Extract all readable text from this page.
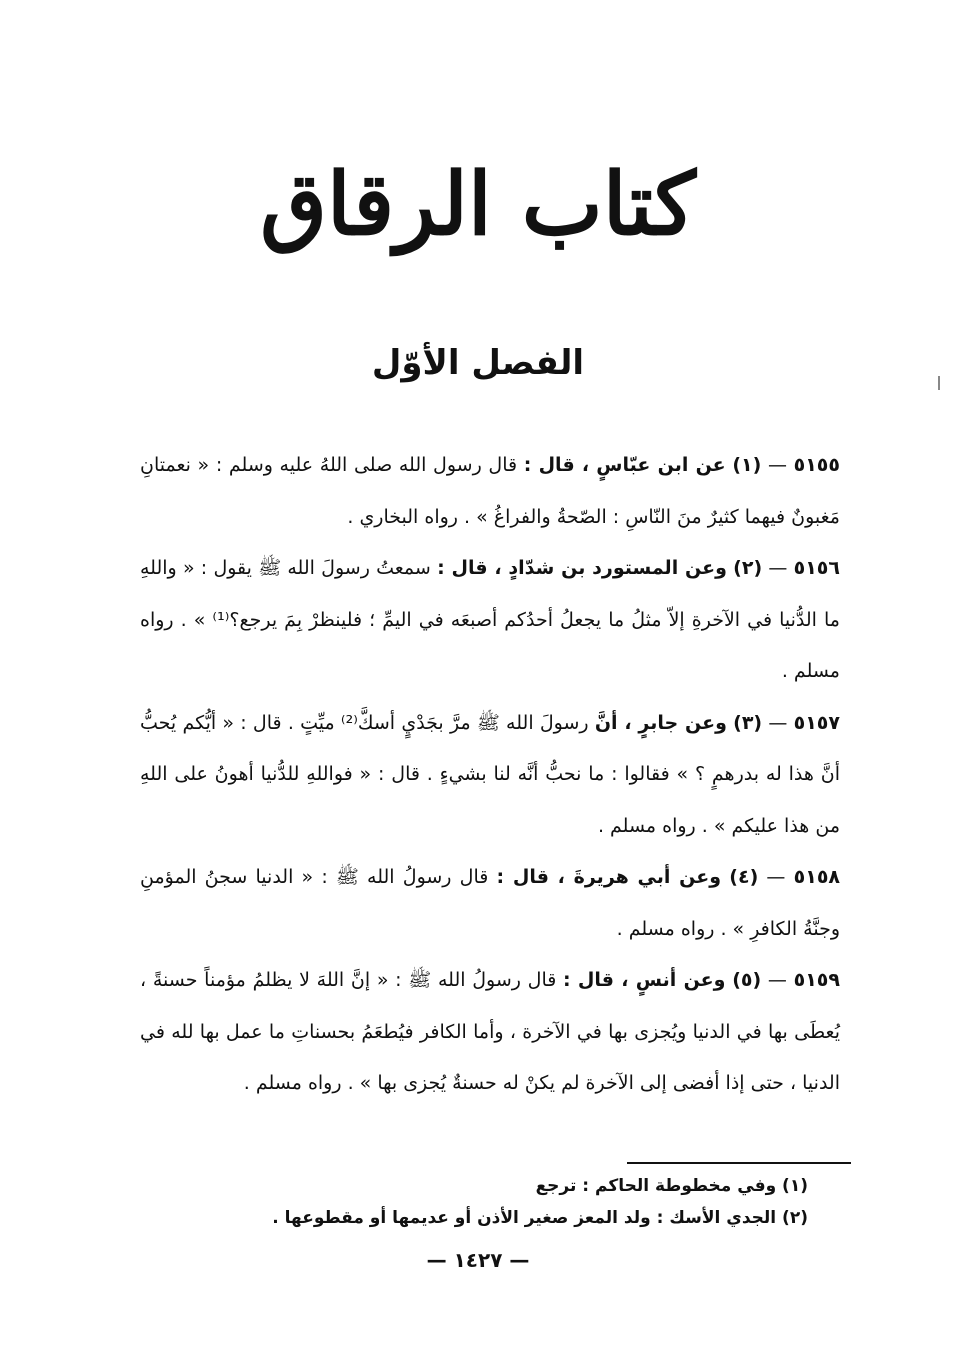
كتاب الرقاق
الفصل الأوّل

٥١٥٥ — (١) عن ابن عبّاسٍ ، قال : قال رسول الله صلى اللهُ عليه وسلم : « نعمتانِ مَغبونٌ فيهما كثيرٌ منَ النّاسِ : الصّحةُ والفراغُ » . رواه البخاري .

٥١٥٦ — (٢) وعن المستورد بن شدّادٍ ، قال : سمعتُ رسولَ الله ﷺ يقول : « واللهِ ما الدُّنيا في الآخرةِ إلاّ مثلُ ما يجعلُ أحدُكم أصبعَه في اليمِّ ؛ فلينظرْ بِمَ يرجع؟⁽¹⁾ » . رواه مسلم .

٥١٥٧ — (٣) وعن جابرٍ ، أنَّ رسولَ الله ﷺ مرَّ بجَدْيٍ أسكَّ⁽²⁾ ميِّتٍ . قال : « أيُّكم يُحبُّ أنَّ هذا له بدرهمٍ ؟ » فقالوا : ما نحبُّ أنَّه لنا بشيءٍ . قال : « فواللهِ للدُّنيا أهونُ على اللهِ من هذا عليكم » . رواه مسلم .

٥١٥٨ — (٤) وعن أبي هريرةَ ، قال : قال رسولُ الله ﷺ : « الدنيا سجنُ المؤمنِ وجنَّةُ الكافرِ » . رواه مسلم .

٥١٥٩ — (٥) وعن أنسٍ ، قال : قال رسولُ الله ﷺ : « إنَّ اللهَ لا يظلمُ مؤمناً حسنةً ، يُعطَى بها في الدنيا ويُجزى بها في الآخرة ، وأما الكافر فيُطعَمُ بحسناتِ ما عمل بها لله في الدنيا ، حتى إذا أفضى إلى الآخرة لم يكنْ له حسنةٌ يُجزى بها » . رواه مسلم .

(١) وفي مخطوطة الحاكم : ترجع

(٢) الجدي الأسك : ولد المعز صغير الأذن أو عديمها أو مقطوعها .

— ١٤٢٧ —
